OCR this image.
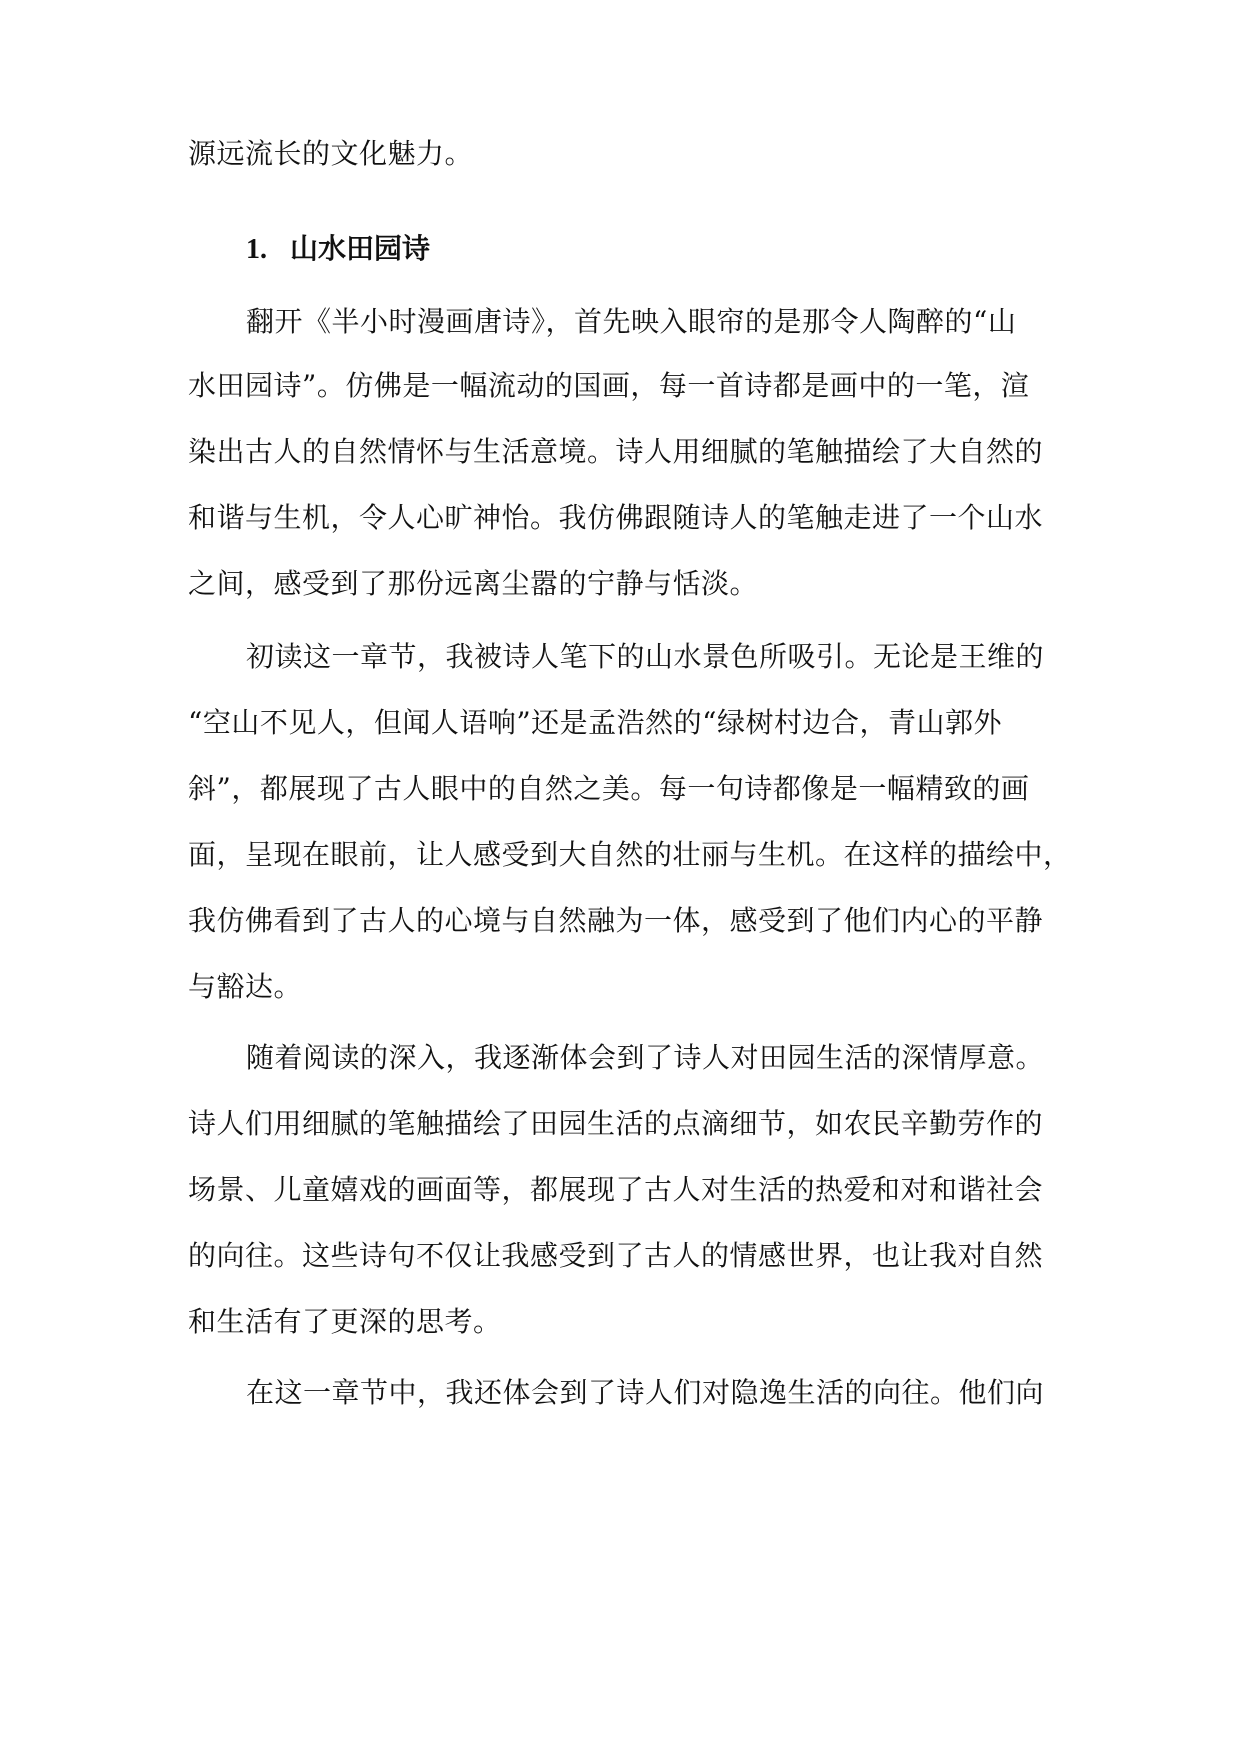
源远流长的文化魅力。
1. 山水田园诗
翻开《半小时漫画唐诗》，首先映入眼帘的是那令人陶醉的“山
水田园诗”。仿佛是一幅流动的国画，每一首诗都是画中的一笔，渲
染出古人的自然情怀与生活意境。诗人用细腻的笔触描绘了大自然的
和谐与生机，令人心旷神怡。我仿佛跟随诗人的笔触走进了一个山水
之间，感受到了那份远离尘嚣的宁静与恬淡。
初读这一章节，我被诗人笔下的山水景色所吸引。无论是王维的
“空山不见人，但闻人语响”还是孟浩然的“绿树村边合，青山郭外
斜”，都展现了古人眼中的自然之美。每一句诗都像是一幅精致的画
面，呈现在眼前，让人感受到大自然的壮丽与生机。在这样的描绘中，
我仿佛看到了古人的心境与自然融为一体，感受到了他们内心的平静
与豁达。
随着阅读的深入，我逐渐体会到了诗人对田园生活的深情厚意。
诗人们用细腻的笔触描绘了田园生活的点滴细节，如农民辛勤劳作的
场景、儿童嬉戏的画面等，都展现了古人对生活的热爱和对和谐社会
的向往。这些诗句不仅让我感受到了古人的情感世界，也让我对自然
和生活有了更深的思考。
在这一章节中，我还体会到了诗人们对隐逸生活的向往。他们向
